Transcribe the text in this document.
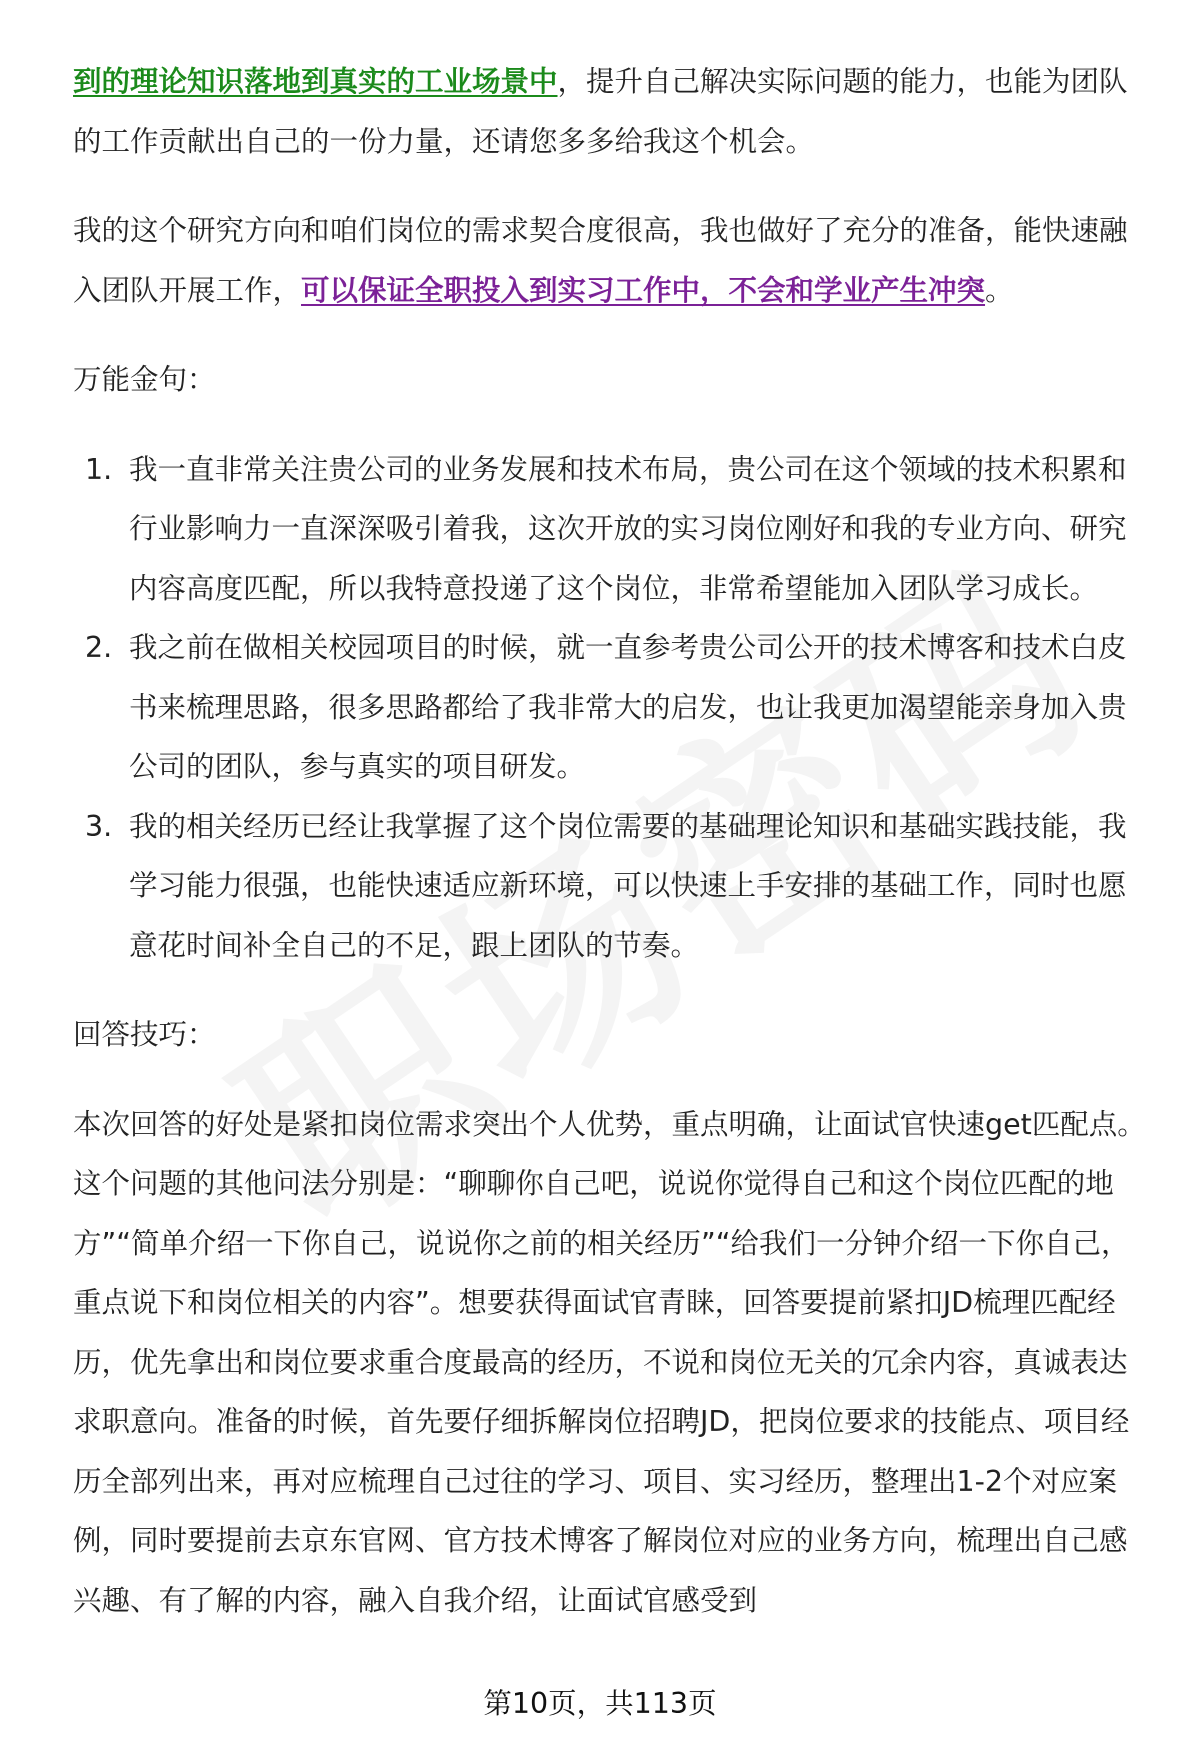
到的理论知识落地到真实的工业场景中，提升自己解决实际问题的能力，也能为团队的工作贡献出自己的一份力量，还请您多多给我这个机会。

我的这个研究方向和咱们岗位的需求契合度很高，我也做好了充分的准备，能快速融入团队开展工作，可以保证全职投入到实习工作中，不会和学业产生冲突。

万能金句：

1. 我一直非常关注贵公司的业务发展和技术布局，贵公司在这个领域的技术积累和行业影响力一直深深吸引着我，这次开放的实习岗位刚好和我的专业方向、研究内容高度匹配，所以我特意投递了这个岗位，非常希望能加入团队学习成长。
2. 我之前在做相关校园项目的时候，就一直参考贵公司公开的技术博客和技术白皮书来梳理思路，很多思路都给了我非常大的启发，也让我更加渴望能亲身加入贵公司的团队，参与真实的项目研发。
3. 我的相关经历已经让我掌握了这个岗位需要的基础理论知识和基础实践技能，我学习能力很强，也能快速适应新环境，可以快速上手安排的基础工作，同时也愿意花时间补全自己的不足，跟上团队的节奏。

回答技巧：

本次回答的好处是紧扣岗位需求突出个人优势，重点明确，让面试官快速get匹配点。这个问题的其他问法分别是：“聊聊你自己吧，说说你觉得自己和这个岗位匹配的地方”“简单介绍一下你自己，说说你之前的相关经历”“给我们一分钟介绍一下你自己，重点说下和岗位相关的内容”。想要获得面试官青睐，回答要提前紧扣JD梳理匹配经历，优先拿出和岗位要求重合度最高的经历，不说和岗位无关的冗余内容，真诚表达求职意向。准备的时候，首先要仔细拆解岗位招聘JD，把岗位要求的技能点、项目经历全部列出来，再对应梳理自己过往的学习、项目、实习经历，整理出1-2个对应案例，同时要提前去京东官网、官方技术博客了解岗位对应的业务方向，梳理出自己感兴趣、有了解的内容，融入自我介绍，让面试官感受到

第10页，共113页
